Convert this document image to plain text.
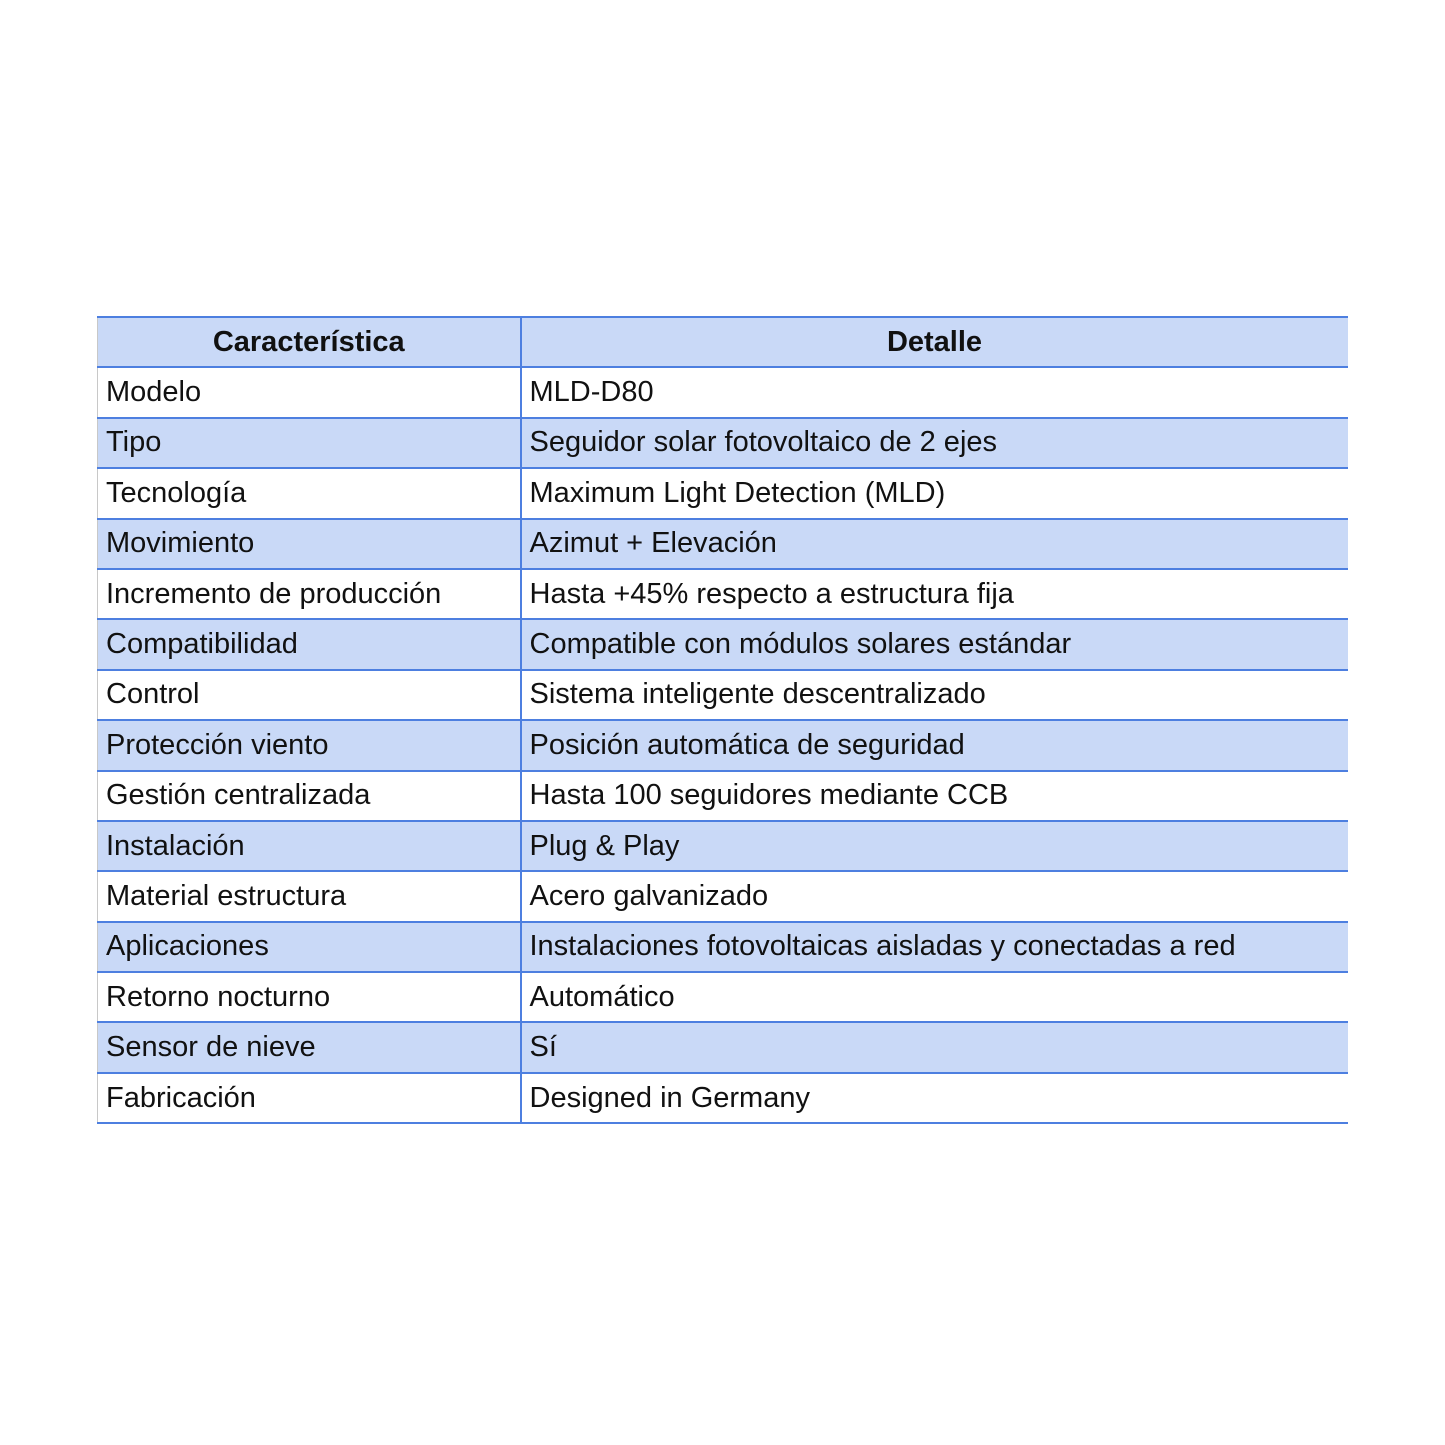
Característica	Detalle
Modelo	MLD-D80
Tipo	Seguidor solar fotovoltaico de 2 ejes
Tecnología	Maximum Light Detection (MLD)
Movimiento	Azimut + Elevación
Incremento de producción	Hasta +45% respecto a estructura fija
Compatibilidad	Compatible con módulos solares estándar
Control	Sistema inteligente descentralizado
Protección viento	Posición automática de seguridad
Gestión centralizada	Hasta 100 seguidores mediante CCB
Instalación	Plug & Play
Material estructura	Acero galvanizado
Aplicaciones	Instalaciones fotovoltaicas aisladas y conectadas a red
Retorno nocturno	Automático
Sensor de nieve	Sí
Fabricación	Designed in Germany
